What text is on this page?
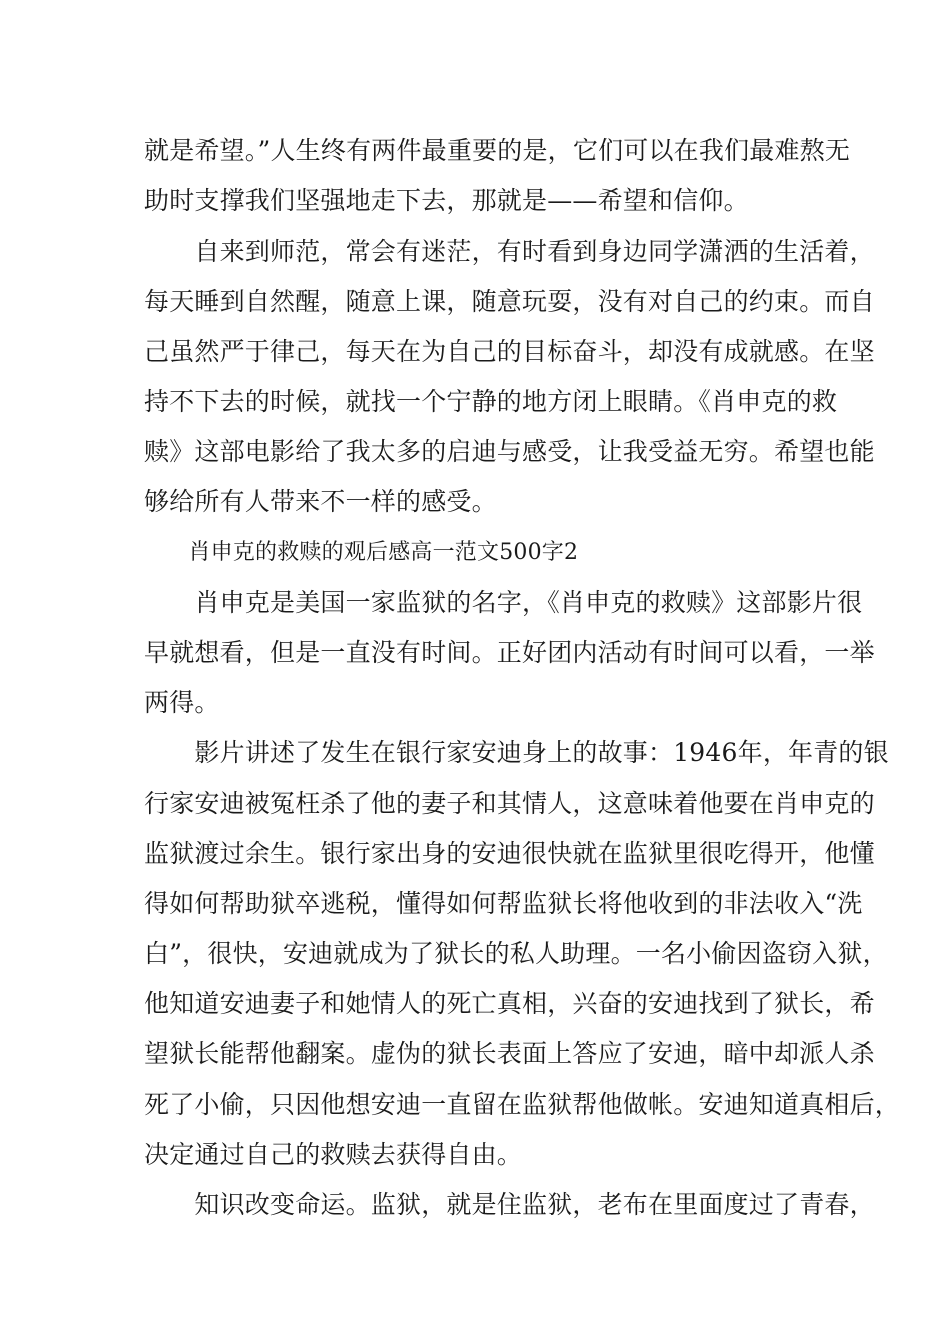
就是希望。”人生终有两件最重要的是，它们可以在我们最难熬无
助时支撑我们坚强地走下去，那就是——希望和信仰。
　　自来到师范，常会有迷茫，有时看到身边同学潇洒的生活着，
每天睡到自然醒，随意上课，随意玩耍，没有对自己的约束。而自
己虽然严于律己，每天在为自己的目标奋斗，却没有成就感。在坚
持不下去的时候，就找一个宁静的地方闭上眼睛。《肖申克的救
赎》这部电影给了我太多的启迪与感受，让我受益无穷。希望也能
够给所有人带来不一样的感受。
　　肖申克的救赎的观后感高一范文500字2
　　肖申克是美国一家监狱的名字，《肖申克的救赎》这部影片很
早就想看，但是一直没有时间。正好团内活动有时间可以看，一举
两得。
　　影片讲述了发生在银行家安迪身上的故事：1946年，年青的银
行家安迪被冤枉杀了他的妻子和其情人，这意味着他要在肖申克的
监狱渡过余生。银行家出身的安迪很快就在监狱里很吃得开，他懂
得如何帮助狱卒逃税，懂得如何帮监狱长将他收到的非法收入“洗
白”，很快，安迪就成为了狱长的私人助理。一名小偷因盗窃入狱，
他知道安迪妻子和她情人的死亡真相，兴奋的安迪找到了狱长，希
望狱长能帮他翻案。虚伪的狱长表面上答应了安迪，暗中却派人杀
死了小偷，只因他想安迪一直留在监狱帮他做帐。安迪知道真相后，
决定通过自己的救赎去获得自由。
　　知识改变命运。监狱，就是住监狱，老布在里面度过了青春，
